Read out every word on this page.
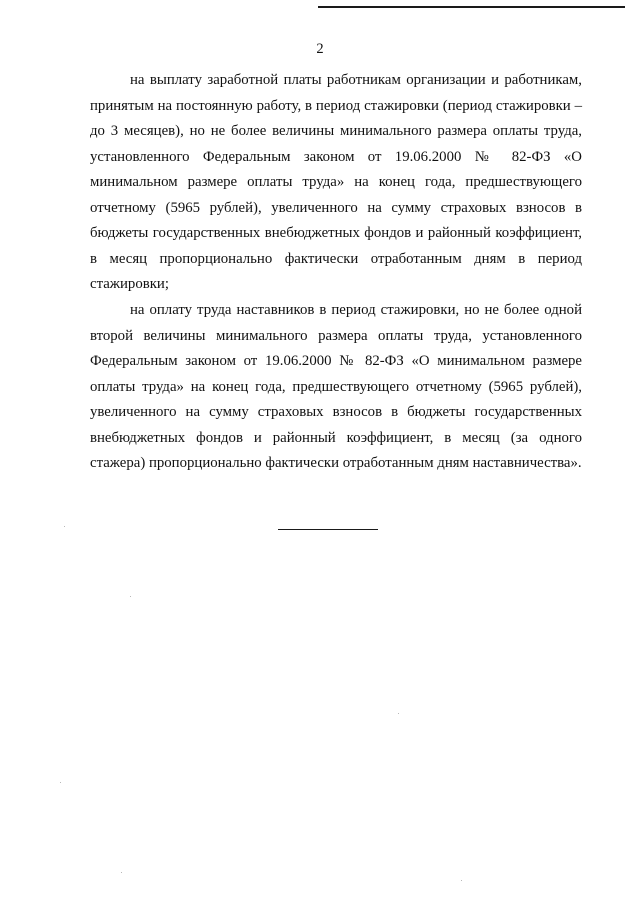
2
на выплату заработной платы работникам организации и работникам,
принятым на постоянную работу, в период стажировки (период стажировки –
до 3 месяцев), но не более величины минимального размера оплаты труда,
установленного Федеральным законом от 19.06.2000 № 82-ФЗ «О
минимальном размере оплаты труда» на конец года, предшествующего
отчетному (5965 рублей), увеличенного на сумму страховых взносов в
бюджеты государственных внебюджетных фондов и районный коэффициент,
в месяц пропорционально фактически отработанным дням в период
стажировки;
на оплату труда наставников в период стажировки, но не более одной
второй величины минимального размера оплаты труда, установленного
Федеральным законом от 19.06.2000 № 82-ФЗ «О минимальном размере
оплаты труда» на конец года, предшествующего отчетному (5965 рублей),
увеличенного на сумму страховых взносов в бюджеты государственных
внебюджетных фондов и районный коэффициент, в месяц (за одного
стажера) пропорционально фактически отработанным дням наставничества».
